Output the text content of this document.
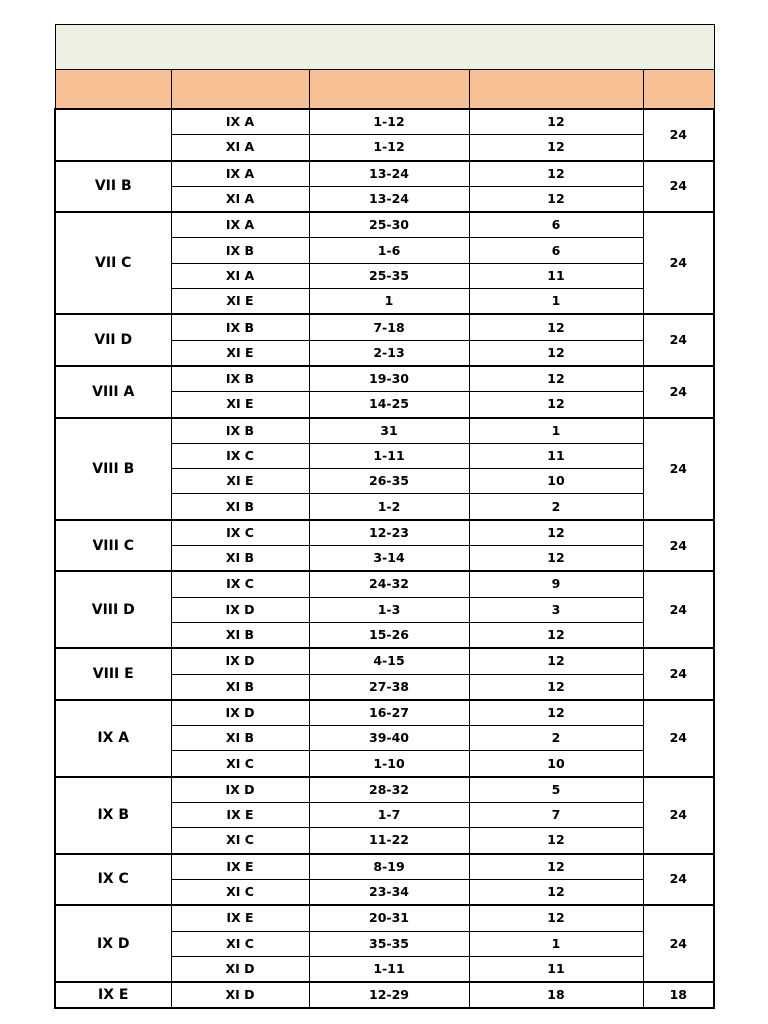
	IX A	1-12	12	24
	XI A	1-12	12	
VII B	IX A	13-24	12	24
	XI A	13-24	12	
VII C	IX A	25-30	6	24
	IX B	1-6	6	
	XI A	25-35	11	
	XI E	1	1	
VII D	IX B	7-18	12	24
	XI E	2-13	12	
VIII A	IX B	19-30	12	24
	XI E	14-25	12	
VIII B	IX B	31	1	24
	IX C	1-11	11	
	XI E	26-35	10	
	XI B	1-2	2	
VIII C	IX C	12-23	12	24
	XI B	3-14	12	
VIII D	IX C	24-32	9	24
	IX D	1-3	3	
	XI B	15-26	12	
VIII E	IX D	4-15	12	24
	XI B	27-38	12	
IX A	IX D	16-27	12	24
	XI B	39-40	2	
	XI C	1-10	10	
IX B	IX D	28-32	5	24
	IX E	1-7	7	
	XI C	11-22	12	
IX C	IX E	8-19	12	24
	XI C	23-34	12	
IX D	IX E	20-31	12	24
	XI C	35-35	1	
	XI D	1-11	11	
IX E	XI D	12-29	18	18
